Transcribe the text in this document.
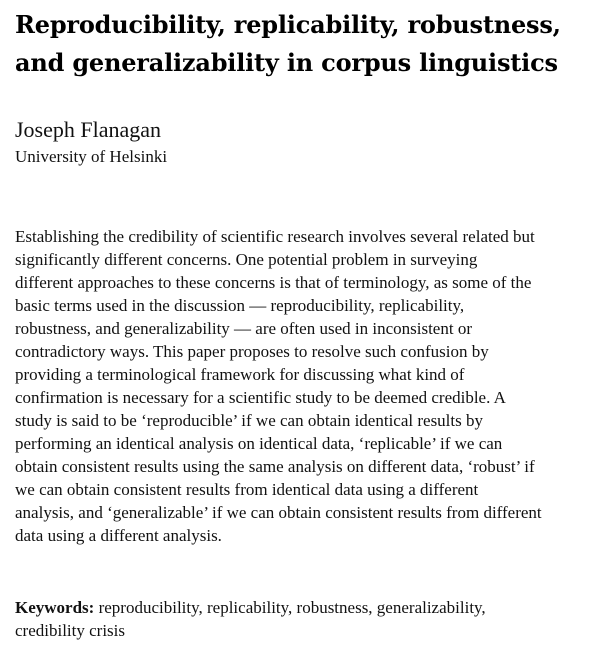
Reproducibility, replicability, robustness,
and generalizability in corpus linguistics
Joseph Flanagan
University of Helsinki
Establishing the credibility of scientific research involves several related but
significantly different concerns. One potential problem in surveying
different approaches to these concerns is that of terminology, as some of the
basic terms used in the discussion — reproducibility, replicability,
robustness, and generalizability — are often used in inconsistent or
contradictory ways. This paper proposes to resolve such confusion by
providing a terminological framework for discussing what kind of
confirmation is necessary for a scientific study to be deemed credible. A
study is said to be ‘reproducible’ if we can obtain identical results by
performing an identical analysis on identical data, ‘replicable’ if we can
obtain consistent results using the same analysis on different data, ‘robust’ if
we can obtain consistent results from identical data using a different
analysis, and ‘generalizable’ if we can obtain consistent results from different
data using a different analysis.
Keywords: reproducibility, replicability, robustness, generalizability,
credibility crisis
